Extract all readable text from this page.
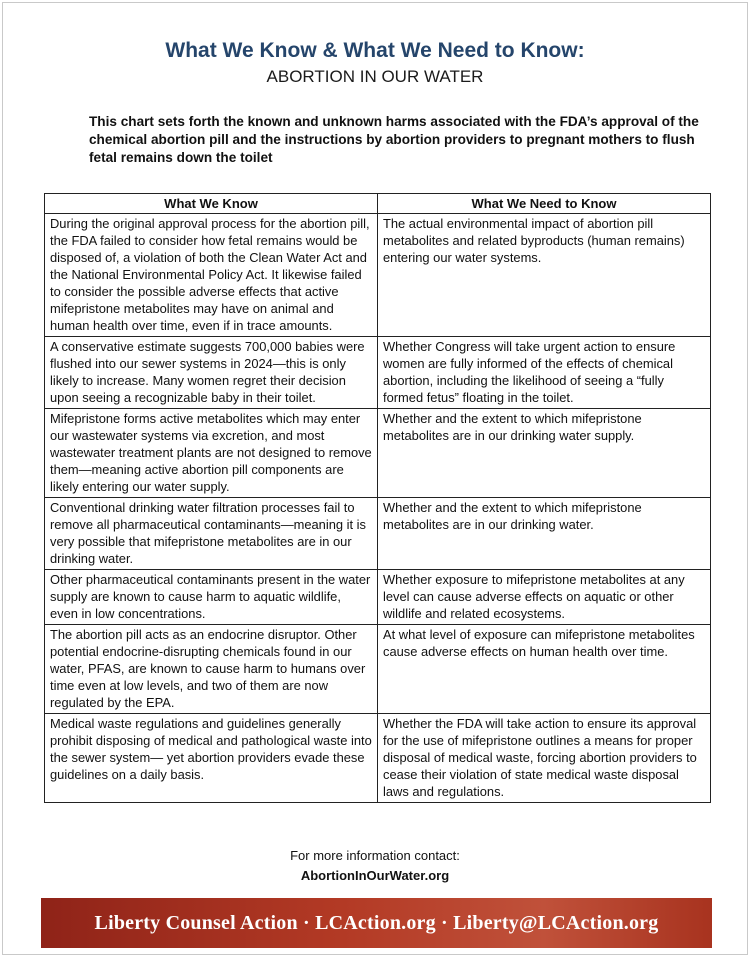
What We Know & What We Need to Know:
ABORTION IN OUR WATER
This chart sets forth the known and unknown harms associated with the FDA’s approval of the chemical abortion pill and the instructions by abortion providers to pregnant mothers to flush fetal remains down the toilet
What We Know	What We Need to Know
During the original approval process for the abortion pill, the FDA failed to consider how fetal remains would be disposed of, a violation of both the Clean Water Act and the National Environmental Policy Act. It likewise failed to consider the possible adverse effects that active mifepristone metabolites may have on animal and human health over time, even if in trace amounts.	The actual environmental impact of abortion pill metabolites and related byproducts (human remains) entering our water systems.
A conservative estimate suggests 700,000 babies were flushed into our sewer systems in 2024—this is only likely to increase. Many women regret their decision upon seeing a recognizable baby in their toilet.	Whether Congress will take urgent action to ensure women are fully informed of the effects of chemical abortion, including the likelihood of seeing a “fully formed fetus” floating in the toilet.
Mifepristone forms active metabolites which may enter our wastewater systems via excretion, and most wastewater treatment plants are not designed to remove them—meaning active abortion pill components are likely entering our water supply.	Whether and the extent to which mifepristone metabolites are in our drinking water supply.
Conventional drinking water filtration processes fail to remove all pharmaceutical contaminants—meaning it is very possible that mifepristone metabolites are in our drinking water.	Whether and the extent to which mifepristone metabolites are in our drinking water.
Other pharmaceutical contaminants present in the water supply are known to cause harm to aquatic wildlife, even in low concentrations.	Whether exposure to mifepristone metabolites at any level can cause adverse effects on aquatic or other wildlife and related ecosystems.
The abortion pill acts as an endocrine disruptor. Other potential endocrine-disrupting chemicals found in our water, PFAS, are known to cause harm to humans over time even at low levels, and two of them are now regulated by the EPA.	At what level of exposure can mifepristone metabolites cause adverse effects on human health over time.
Medical waste regulations and guidelines generally prohibit disposing of medical and pathological waste into the sewer system— yet abortion providers evade these guidelines on a daily basis.	Whether the FDA will take action to ensure its approval for the use of mifepristone outlines a means for proper disposal of medical waste, forcing abortion providers to cease their violation of state medical waste disposal laws and regulations.
For more information contact:
AbortionInOurWater.org
Liberty Counsel Action · LCAction.org · Liberty@LCAction.org
